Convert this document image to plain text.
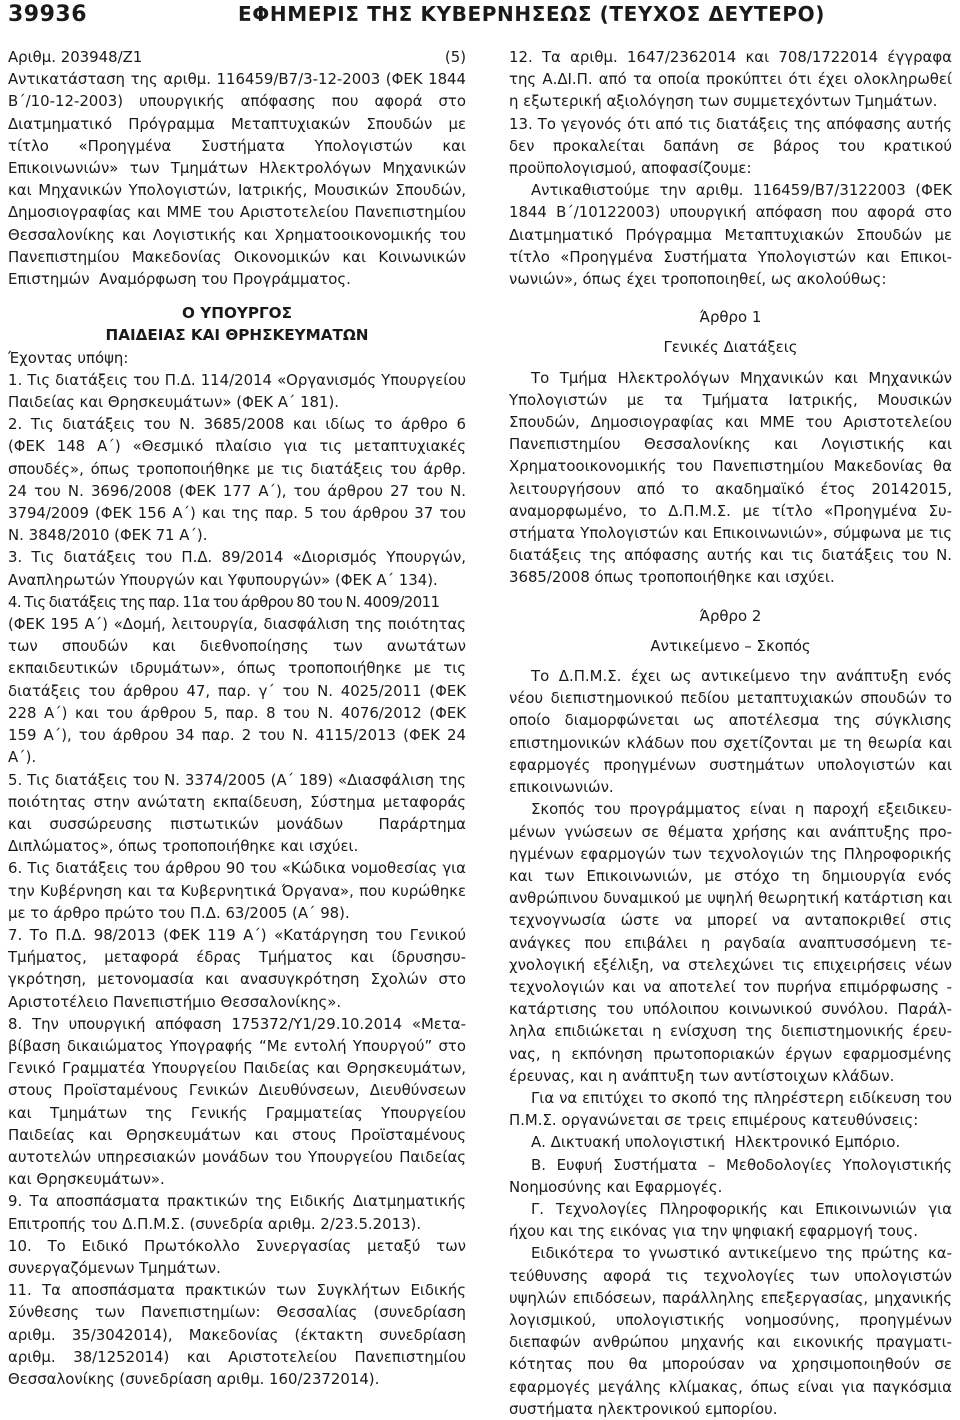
39936	ΕΦΗΜΕΡΙΣ ΤΗΣ ΚΥΒΕΡΝΗΣΕΩΣ (ΤΕΥΧΟΣ ΔΕΥΤΕΡΟ)
Αριθμ. 203948/Ζ1	(5)

Αντικατάσταση της αριθμ. 116459/Β7/3-12-2003 (ΦΕΚ 1844 Β΄/10-12-2003) υπουργικής απόφασης που αφορά στο Διατμηματικό Πρόγραμμα Μεταπτυχιακών Σπουδών με τίτλο «Προηγμένα Συστήματα Υπολογιστών και Επικοινωνιών» των Τμημάτων Ηλεκτρολόγων Μηχανικών και Μηχανικών Υπολογιστών, Ιατρικής, Μουσικών Σπουδών, Δημοσιογραφίας και ΜΜΕ του Αριστοτελείου Πανεπιστημίου Θεσσαλονίκης και Λογιστικής και Χρηματοοικονομικής του Πανεπιστημίου Μακεδονίας Οικονομικών και Κοινωνικών Επιστημών Αναμόρφωση του Προγράμματος.

Ο ΥΠΟΥΡΓΟΣ

ΠΑΙΔΕΙΑΣ ΚΑΙ ΘΡΗΣΚΕΥΜΑΤΩΝ

Έχοντας υπόψη:

1. Τις διατάξεις του Π.Δ. 114/2014 «Οργανισμός Υπουργείου Παιδείας και Θρησκευμάτων» (ΦΕΚ Α΄ 181).

2. Τις διατάξεις του Ν. 3685/2008 και ιδίως το άρθρο 6 (ΦΕΚ 148 Α΄) «Θεσμικό πλαίσιο για τις μεταπτυχιακές σπουδές», όπως τροποποιήθηκε με τις διατάξεις του άρθρ. 24 του Ν. 3696/2008 (ΦΕΚ 177 Α΄), του άρθρου 27 του Ν. 3794/2009 (ΦΕΚ 156 Α΄) και της παρ. 5 του άρθρου 37 του Ν. 3848/2010 (ΦΕΚ 71 Α΄).

3. Τις διατάξεις του Π.Δ. 89/2014 «Διορισμός Υπουργών, Αναπληρωτών Υπουργών και Υφυπουργών» (ΦΕΚ Α΄ 134).

4. Τις διατάξεις της παρ. 11α του άρθρου 80 του Ν. 4009/2011

(ΦΕΚ 195 Α΄) «Δομή, λειτουργία, διασφάλιση της ποιότητας των σπουδών και διεθνοποίησης των ανωτάτων εκπαιδευτικών ιδρυμάτων», όπως τροποποιήθηκε με τις διατάξεις του άρθρου 47, παρ. γ΄ του Ν. 4025/2011 (ΦΕΚ 228 Α΄) και του άρθρου 5, παρ. 8 του Ν. 4076/2012 (ΦΕΚ 159 Α΄), του άρθρου 34 παρ. 2 του Ν. 4115/2013 (ΦΕΚ 24 Α΄).

5. Τις διατάξεις του Ν. 3374/2005 (Α΄ 189) «Διασφάλιση της ποιότητας στην ανώτατη εκπαίδευση, Σύστημα μεταφοράς και συσσώρευσης πιστωτικών μονάδων Παράρτημα Διπλώματος», όπως τροποποιήθηκε και ισχύει.

6. Τις διατάξεις του άρθρου 90 του «Κώδικα νομοθεσίας για την Κυβέρνηση και τα Κυβερνητικά Όργανα», που κυρώθηκε με το άρθρο πρώτο του Π.Δ. 63/2005 (Α΄ 98).

7. Το Π.Δ. 98/2013 (ΦΕΚ 119 Α΄) «Κατάργηση του Γενικού Τμήματος, μεταφορά έδρας Τμήματος και ίδρυσησυγκρότηση, μετονομασία και ανασυγκρότηση Σχολών στο Αριστοτέλειο Πανεπιστήμιο Θεσσαλονίκης».

8. Την υπουργική απόφαση 175372/Υ1/29.10.2014 «Μεταβίβαση δικαιώματος Υπογραφής “Με εντολή Υπουργού” στο Γενικό Γραμματέα Υπουργείου Παιδείας και Θρησκευμάτων, στους Προϊσταμένους Γενικών Διευθύνσεων, Διευθύνσεων και Τμημάτων της Γενικής Γραμματείας Υπουργείου Παιδείας και Θρησκευμάτων και στους Προϊσταμένους αυτοτελών υπηρεσιακών μονάδων του Υπουργείου Παιδείας και Θρησκευμάτων».

9. Τα αποσπάσματα πρακτικών της Ειδικής Διατμηματικής Επιτροπής του Δ.Π.Μ.Σ. (συνεδρία αριθμ. 2/23.5.2013).

10. Το Ειδικό Πρωτόκολλο Συνεργασίας μεταξύ των συνεργαζόμενων Τμημάτων.

11. Τα αποσπάσματα πρακτικών των Συγκλήτων Ειδικής Σύνθεσης των Πανεπιστημίων: Θεσσαλίας (συνεδρίαση αριθμ. 35/3042014), Μακεδονίας (έκτακτη συνεδρίαση αριθμ. 38/1252014) και Αριστοτελείου Πανεπιστημίου Θεσσαλονίκης (συνεδρίαση αριθμ. 160/2372014).

12. Τα αριθμ. 1647/2362014 και 708/1722014 έγγραφα της Α.ΔΙ.Π. από τα οποία προκύπτει ότι έχει ολοκληρωθεί η εξωτερική αξιολόγηση των συμμετεχόντων Τμημάτων.

13. Το γεγονός ότι από τις διατάξεις της απόφασης αυτής δεν προκαλείται δαπάνη σε βάρος του κρατικού προϋπολογισμού, αποφασίζουμε:

Αντικαθιστούμε την αριθμ. 116459/Β7/3122003 (ΦΕΚ 1844 Β΄/10122003) υπουργική απόφαση που αφορά στο Διατμηματικό Πρόγραμμα Μεταπτυχιακών Σπουδών με τίτλο «Προηγμένα Συστήματα Υπολογιστών και Επικοινωνιών», όπως έχει τροποποιηθεί, ως ακολούθως:

Άρθρο 1

Γενικές Διατάξεις

Το Τμήμα Ηλεκτρολόγων Μηχανικών και Μηχανικών Υπολογιστών με τα Τμήματα Ιατρικής, Μουσικών Σπουδών, Δημοσιογραφίας και ΜΜΕ του Αριστοτελείου Πανεπιστημίου Θεσσαλονίκης και Λογιστικής και Χρηματοοικονομικής του Πανεπιστημίου Μακεδονίας θα λειτουργήσουν από το ακαδημαϊκό έτος 20142015, αναμορφωμένο, το Δ.Π.Μ.Σ. με τίτλο «Προηγμένα Συστήματα Υπολογιστών και Επικοινωνιών», σύμφωνα με τις διατάξεις της απόφασης αυτής και τις διατάξεις του Ν. 3685/2008 όπως τροποποιήθηκε και ισχύει.

Άρθρο 2

Αντικείμενο – Σκοπός

Το Δ.Π.Μ.Σ. έχει ως αντικείμενο την ανάπτυξη ενός νέου διεπιστημονικού πεδίου μεταπτυχιακών σπουδών το οποίο διαμορφώνεται ως αποτέλεσμα της σύγκλισης επιστημονικών κλάδων που σχετίζονται με τη θεωρία και εφαρμογές προηγμένων συστημάτων υπολογιστών και επικοινωνιών.

Σκοπός του προγράμματος είναι η παροχή εξειδικευμένων γνώσεων σε θέματα χρήσης και ανάπτυξης προηγμένων εφαρμογών των τεχνολογιών της Πληροφορικής και των Επικοινωνιών, με στόχο τη δημιουργία ενός ανθρώπινου δυναμικού με υψηλή θεωρητική κατάρτιση και τεχνογνωσία ώστε να μπορεί να ανταποκριθεί στις ανάγκες που επιβάλει η ραγδαία αναπτυσσόμενη τεχνολογική εξέλιξη, να στελεχώνει τις επιχειρήσεις νέων τεχνολογιών και να αποτελεί τον πυρήνα επιμόρφωσης κατάρτισης του υπόλοιπου κοινωνικού συνόλου. Παράλληλα επιδιώκεται η ενίσχυση της διεπιστημονικής έρευνας, η εκπόνηση πρωτοποριακών έργων εφαρμοσμένης έρευνας, και η ανάπτυξη των αντίστοιχων κλάδων.

Για να επιτύχει το σκοπό της πληρέστερη ειδίκευση του Π.Μ.Σ. οργανώνεται σε τρεις επιμέρους κατευθύνσεις:

Α. Δικτυακή υπολογιστική Ηλεκτρονικό Εμπόριο.

Β. Ευφυή Συστήματα – Μεθοδολογίες Υπολογιστικής Νοημοσύνης και Εφαρμογές.

Γ. Τεχνολογίες Πληροφορικής και Επικοινωνιών για ήχου και της εικόνας για την ψηφιακή εφαρμογή τους.

Ειδικότερα το γνωστικό αντικείμενο της πρώτης κατεύθυνσης αφορά τις τεχνολογίες των υπολογιστών υψηλών επιδόσεων, παράλληλης επεξεργασίας, μηχανικής λογισμικού, υπολογιστικής νοημοσύνης, προηγμένων διεπαφών ανθρώπου μηχανής και εικονικής πραγματικότητας που θα μπορούσαν να χρησιμοποιηθούν σε εφαρμογές μεγάλης κλίμακας, όπως είναι για παγκόσμια συστήματα ηλεκτρονικού εμπορίου.
